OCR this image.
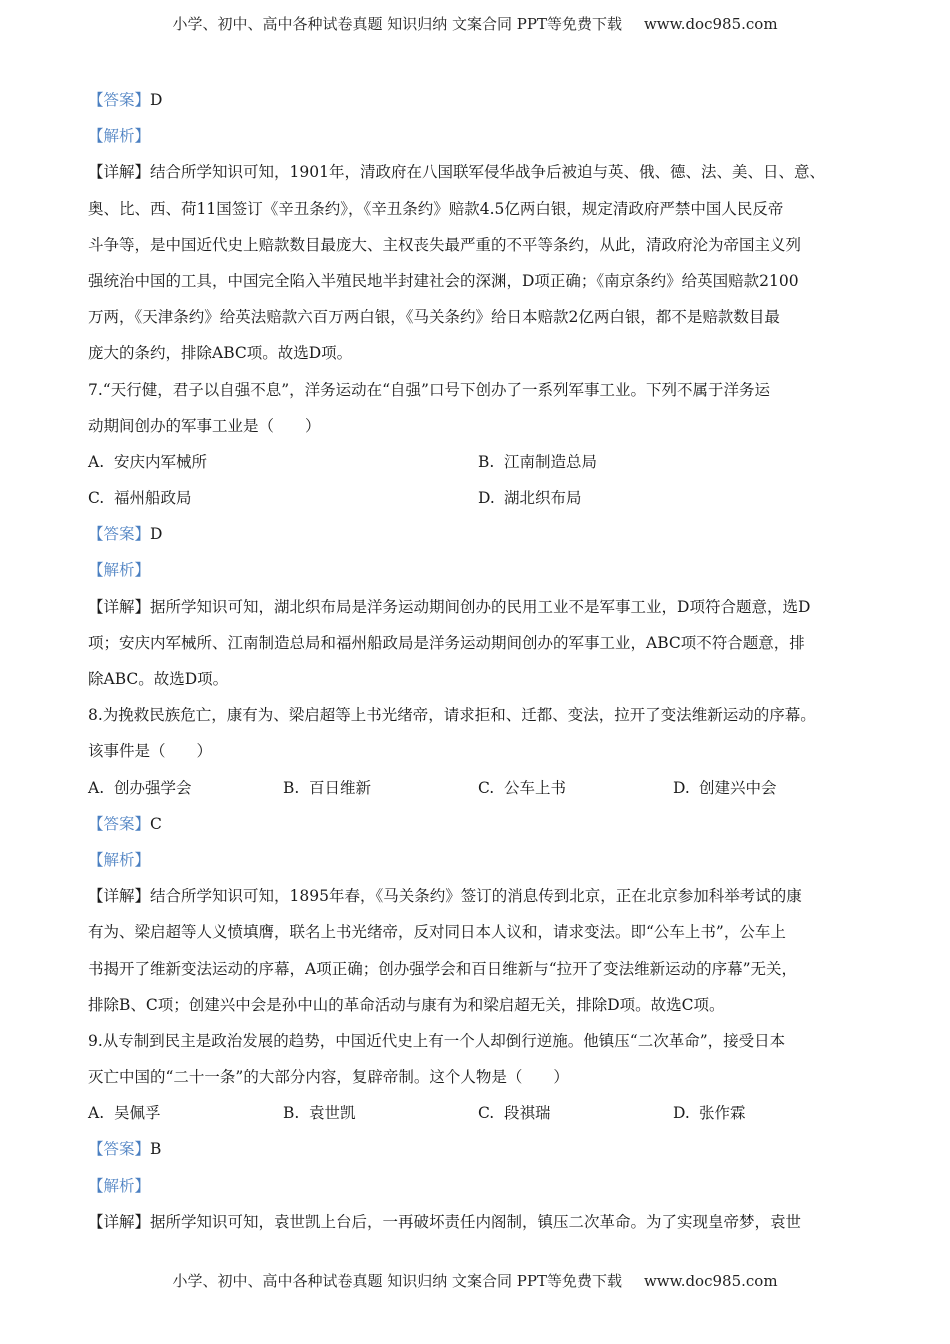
小学、初中、高中各种试卷真题 知识归纳 文案合同 PPT等免费下载 www.doc985.com
【答案】D
【解析】
【详解】结合所学知识可知，1901年，清政府在八国联军侵华战争后被迫与英、俄、德、法、美、日、意、
奥、比、西、荷11国签订《辛丑条约》，《辛丑条约》赔款4.5亿两白银，规定清政府严禁中国人民反帝
斗争等，是中国近代史上赔款数目最庞大、主权丧失最严重的不平等条约，从此，清政府沦为帝国主义列
强统治中国的工具，中国完全陷入半殖民地半封建社会的深渊，D项正确；《南京条约》给英国赔款2100
万两，《天津条约》给英法赔款六百万两白银，《马关条约》给日本赔款2亿两白银，都不是赔款数目最
庞大的条约，排除ABC项。故选D项。
7.“天行健，君子以自强不息”，洋务运动在“自强”口号下创办了一系列军事工业。下列不属于洋务运
动期间创办的军事工业是（　　）
A. 安庆内军械所	B. 江南制造总局
C. 福州船政局	D. 湖北织布局
【答案】D
【解析】
【详解】据所学知识可知，湖北织布局是洋务运动期间创办的民用工业不是军事工业，D项符合题意，选D
项；安庆内军械所、江南制造总局和福州船政局是洋务运动期间创办的军事工业，ABC项不符合题意，排
除ABC。故选D项。
8.为挽救民族危亡，康有为、梁启超等上书光绪帝，请求拒和、迁都、变法，拉开了变法维新运动的序幕。
该事件是（　　）
A. 创办强学会	B. 百日维新	C. 公车上书	D. 创建兴中会
【答案】C
【解析】
【详解】结合所学知识可知，1895年春，《马关条约》签订的消息传到北京，正在北京参加科举考试的康
有为、梁启超等人义愤填膺，联名上书光绪帝，反对同日本人议和，请求变法。即“公车上书”，公车上
书揭开了维新变法运动的序幕，A项正确；创办强学会和百日维新与“拉开了变法维新运动的序幕”无关，
排除B、C项；创建兴中会是孙中山的革命活动与康有为和梁启超无关，排除D项。故选C项。
9.从专制到民主是政治发展的趋势，中国近代史上有一个人却倒行逆施。他镇压“二次革命”，接受日本
灭亡中国的“二十一条”的大部分内容，复辟帝制。这个人物是（　　）
A. 吴佩孚	B. 袁世凯	C. 段祺瑞	D. 张作霖
【答案】B
【解析】
【详解】据所学知识可知，袁世凯上台后，一再破坏责任内阁制，镇压二次革命。为了实现皇帝梦，袁世
小学、初中、高中各种试卷真题 知识归纳 文案合同 PPT等免费下载 www.doc985.com
